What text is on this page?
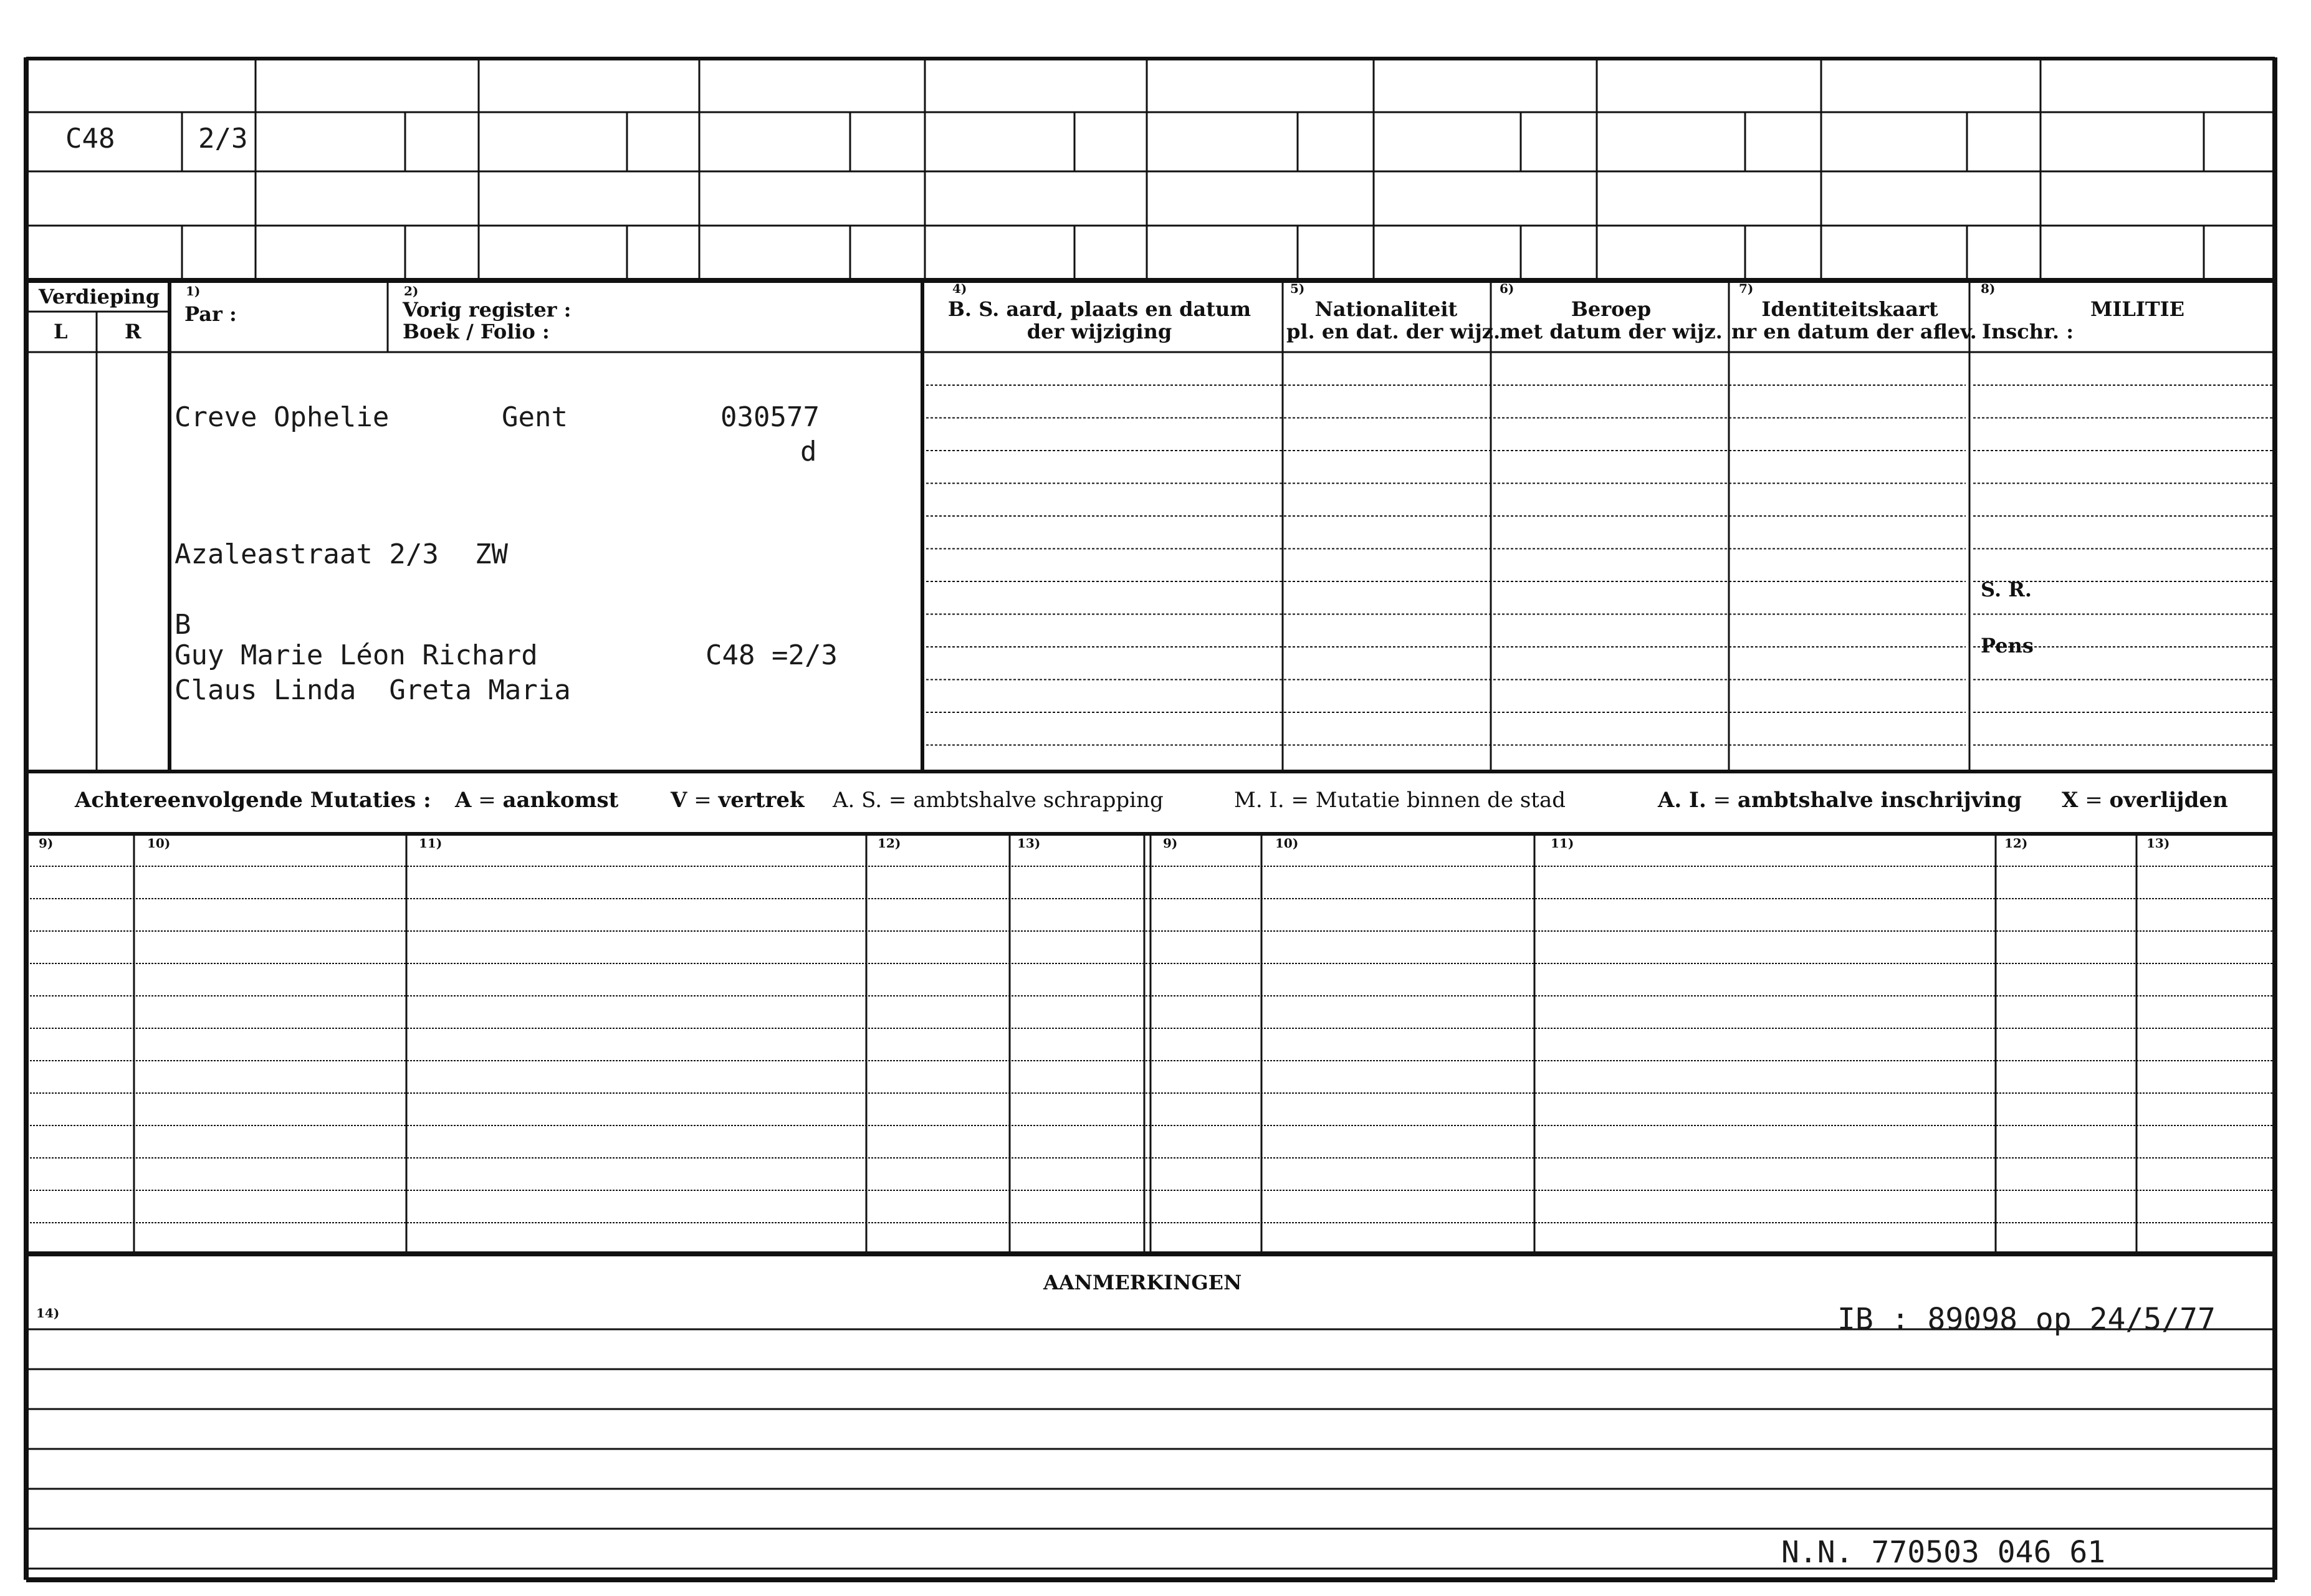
C48	2/3
Verdieping
L	R
1)
Par :
2)
Vorig register :
Boek / Folio :
4)
B. S. aard, plaats en datum
der wijziging
5)
Nationaliteit
pl. en dat. der wijz.
6)
Beroep
met datum der wijz.
7)
Identiteitskaart
nr en datum der aflev.
8)
MILITIE
Inschr. :
S. R.
Pens
Creve Ophelie	Gent	030577
d
Azaleastraat 2/3 ZW
B
Guy Marie Léon Richard	C48 =2/3
Claus Linda  Greta Maria
Achtereenvolgende Mutaties : A = aankomst V = vertrek A. S. = ambtshalve schrapping	M. I. = Mutatie binnen de stad	A. I. = ambtshalve inschrijving X = overlijden
9)	10)	11)	12)	13)	9)	10)	11)	12)	13)
AANMERKINGEN
14)	IB : 89098 op 24/5/77
N.N. 770503 046 61
